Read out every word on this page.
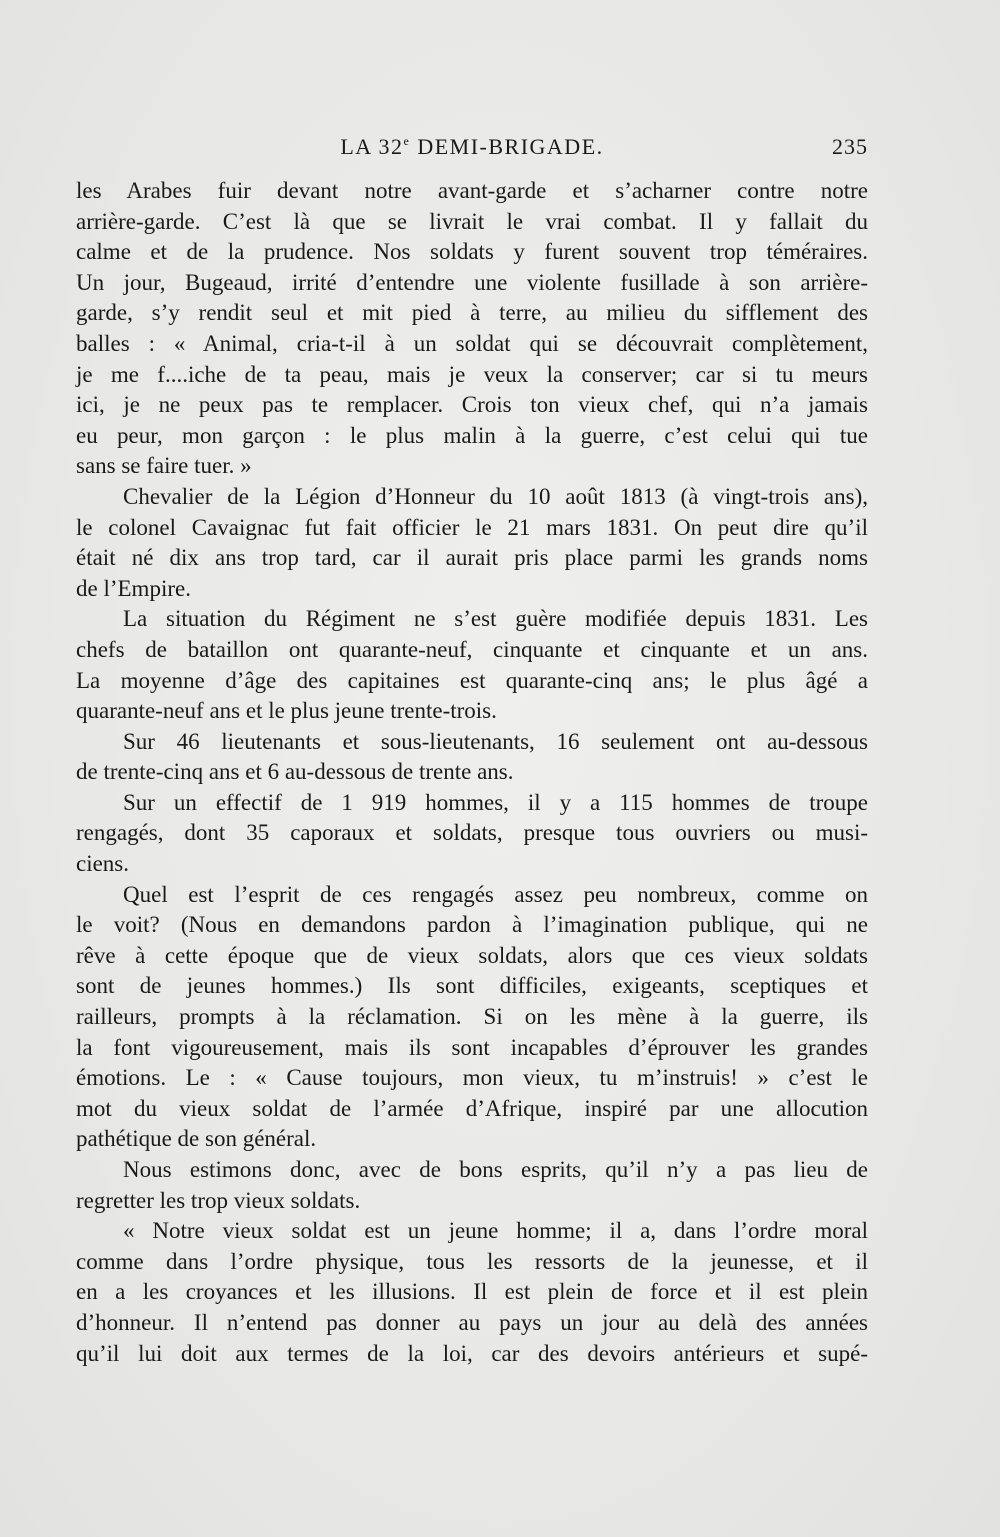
LA 32e DEMI-BRIGADE.	235
les Arabes fuir devant notre avant-garde et s’acharner contre notre
arrière-garde. C’est là que se livrait le vrai combat. Il y fallait du
calme et de la prudence. Nos soldats y furent souvent trop téméraires.
Un jour, Bugeaud, irrité d’entendre une violente fusillade à son arrière-
garde, s’y rendit seul et mit pied à terre, au milieu du sifflement des
balles : « Animal, cria-t-il à un soldat qui se découvrait complètement,
je me f....iche de ta peau, mais je veux la conserver; car si tu meurs
ici, je ne peux pas te remplacer. Crois ton vieux chef, qui n’a jamais
eu peur, mon garçon : le plus malin à la guerre, c’est celui qui tue
sans se faire tuer. »
Chevalier de la Légion d’Honneur du 10 août 1813 (à vingt-trois ans),
le colonel Cavaignac fut fait officier le 21 mars 1831. On peut dire qu’il
était né dix ans trop tard, car il aurait pris place parmi les grands noms
de l’Empire.
La situation du Régiment ne s’est guère modifiée depuis 1831. Les
chefs de bataillon ont quarante-neuf, cinquante et cinquante et un ans.
La moyenne d’âge des capitaines est quarante-cinq ans; le plus âgé a
quarante-neuf ans et le plus jeune trente-trois.
Sur 46 lieutenants et sous-lieutenants, 16 seulement ont au-dessous
de trente-cinq ans et 6 au-dessous de trente ans.
Sur un effectif de 1 919 hommes, il y a 115 hommes de troupe
rengagés, dont 35 caporaux et soldats, presque tous ouvriers ou musi-
ciens.
Quel est l’esprit de ces rengagés assez peu nombreux, comme on
le voit? (Nous en demandons pardon à l’imagination publique, qui ne
rêve à cette époque que de vieux soldats, alors que ces vieux soldats
sont de jeunes hommes.) Ils sont difficiles, exigeants, sceptiques et
railleurs, prompts à la réclamation. Si on les mène à la guerre, ils
la font vigoureusement, mais ils sont incapables d’éprouver les grandes
émotions. Le : « Cause toujours, mon vieux, tu m’instruis! » c’est le
mot du vieux soldat de l’armée d’Afrique, inspiré par une allocution
pathétique de son général.
Nous estimons donc, avec de bons esprits, qu’il n’y a pas lieu de
regretter les trop vieux soldats.
« Notre vieux soldat est un jeune homme; il a, dans l’ordre moral
comme dans l’ordre physique, tous les ressorts de la jeunesse, et il
en a les croyances et les illusions. Il est plein de force et il est plein
d’honneur. Il n’entend pas donner au pays un jour au delà des années
qu’il lui doit aux termes de la loi, car des devoirs antérieurs et supé-
